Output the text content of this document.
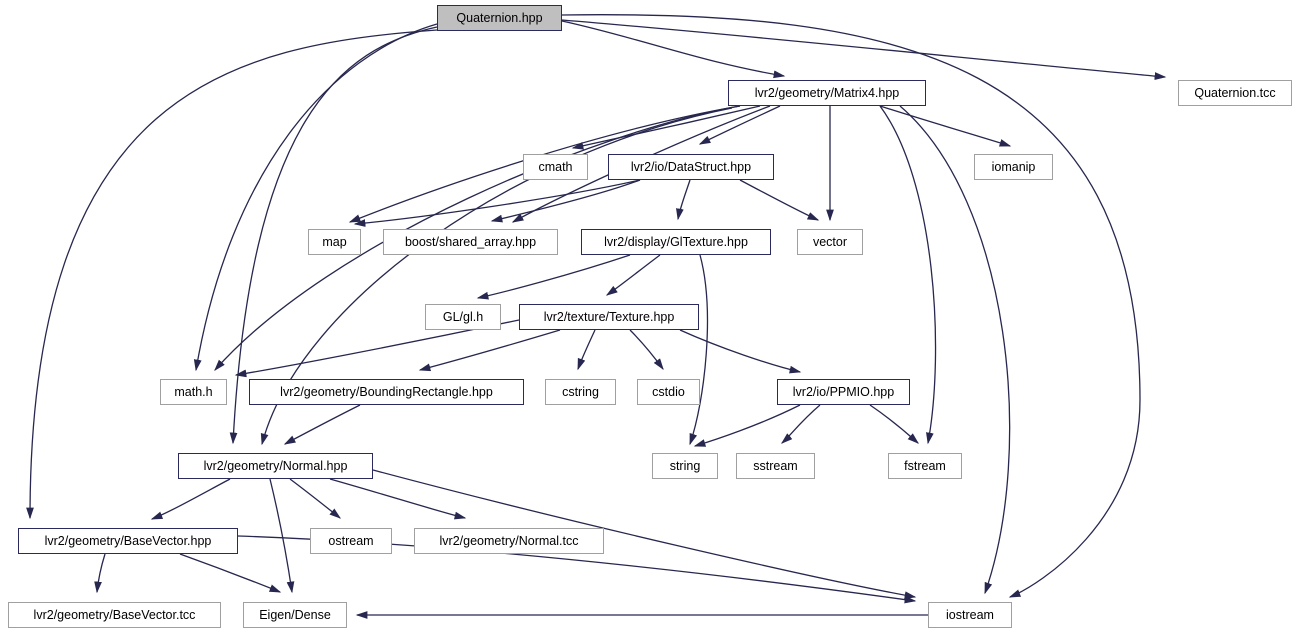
Quaternion.hpp
lvr2/geometry/Matrix4.hpp	Quaternion.tcc
cmath	lvr2/io/DataStruct.hpp	iomanip
map	boost/shared_array.hpp	lvr2/display/GlTexture.hpp	vector
GL/gl.h	lvr2/texture/Texture.hpp
math.h	lvr2/geometry/BoundingRectangle.hpp	cstring	cstdio	lvr2/io/PPMIO.hpp
lvr2/geometry/Normal.hpp	string	sstream	fstream
lvr2/geometry/BaseVector.hpp	ostream	lvr2/geometry/Normal.tcc
lvr2/geometry/BaseVector.tcc	Eigen/Dense	iostream
